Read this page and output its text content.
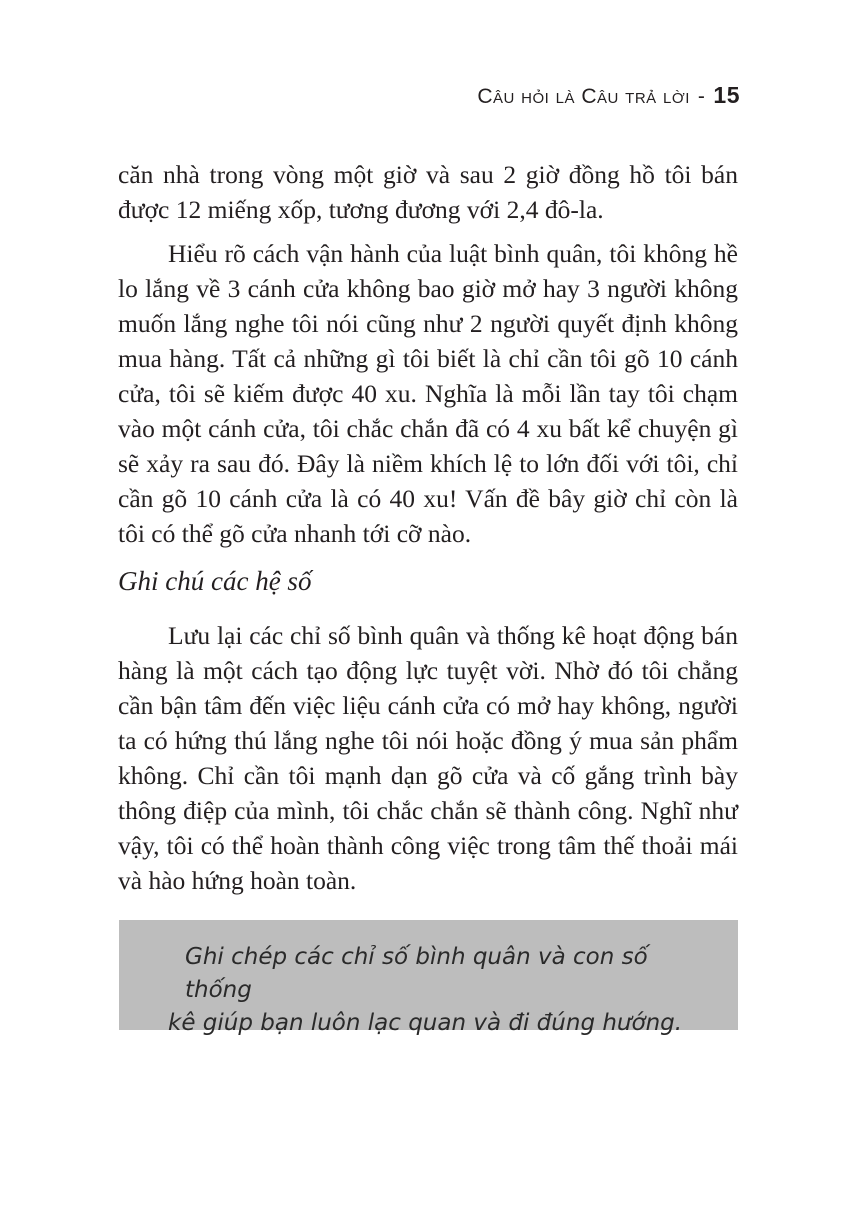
Câu hỏi là Câu trả lời - 15

căn nhà trong vòng một giờ và sau 2 giờ đồng hồ tôi bán được 12 miếng xốp, tương đương với 2,4 đô-la.

Hiểu rõ cách vận hành của luật bình quân, tôi không hề lo lắng về 3 cánh cửa không bao giờ mở hay 3 người không muốn lắng nghe tôi nói cũng như 2 người quyết định không mua hàng. Tất cả những gì tôi biết là chỉ cần tôi gõ 10 cánh cửa, tôi sẽ kiếm được 40 xu. Nghĩa là mỗi lần tay tôi chạm vào một cánh cửa, tôi chắc chắn đã có 4 xu bất kể chuyện gì sẽ xảy ra sau đó. Đây là niềm khích lệ to lớn đối với tôi, chỉ cần gõ 10 cánh cửa là có 40 xu! Vấn đề bây giờ chỉ còn là tôi có thể gõ cửa nhanh tới cỡ nào.

Ghi chú các hệ số

Lưu lại các chỉ số bình quân và thống kê hoạt động bán hàng là một cách tạo động lực tuyệt vời. Nhờ đó tôi chẳng cần bận tâm đến việc liệu cánh cửa có mở hay không, người ta có hứng thú lắng nghe tôi nói hoặc đồng ý mua sản phẩm không. Chỉ cần tôi mạnh dạn gõ cửa và cố gắng trình bày thông điệp của mình, tôi chắc chắn sẽ thành công. Nghĩ như vậy, tôi có thể hoàn thành công việc trong tâm thế thoải mái và hào hứng hoàn toàn.

Ghi chép các chỉ số bình quân và con số thống
kê giúp bạn luôn lạc quan và đi đúng hướng.
